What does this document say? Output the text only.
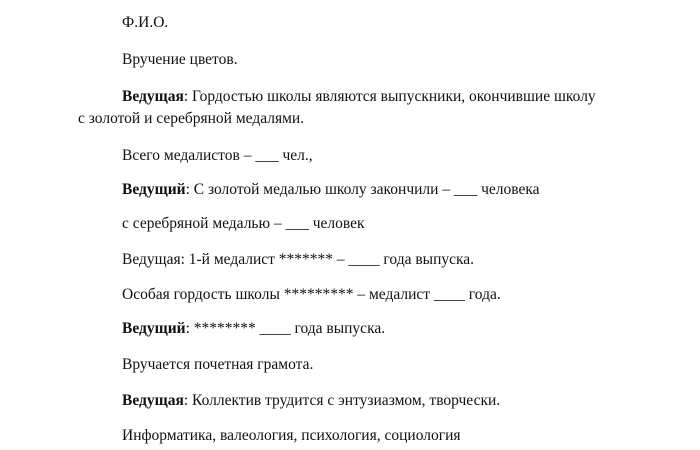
Ф.И.О.
Вручение цветов.
Ведущая: Гордостью школы являются выпускники, окончившие школу
с золотой и серебряной медалями.
Всего медалистов – ___ чел.,
Ведущий: С золотой медалью школу закончили – ___ человека
с серебряной медалью – ___ человек
Ведущая: 1-й медалист ******* – ____ года выпуска.
Особая гордость школы ********* – медалист ____ года.
Ведущий: ******** ____ года выпуска.
Вручается почетная грамота.
Ведущая: Коллектив трудится с энтузиазмом, творчески.
Информатика, валеология, психология, социология
